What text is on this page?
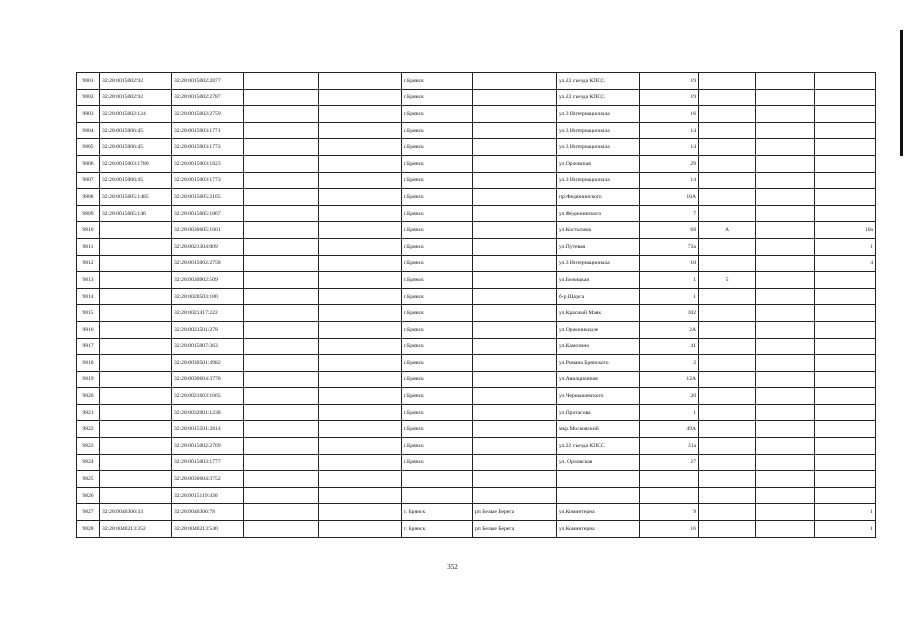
9801	32:28:0015002:92	32:28:0015002:2877			г.Брянск		ул.22 съезда КПСС	19			
9802	32:28:0015002:92	32:28:0015002:2787			г.Брянск		ул.22 съезда КПСС	19			
9803	32:28:0015002:124	32:28:0015002:2759			г.Брянск		ул.3 Интернационала	16			
9804	32:28:0015006:45	32:28:0015003:1771			г.Брянск		ул.3 Интернационала	14			
9805	32:28:0015006:45	32:28:0015003:1772			г.Брянск		ул.3 Интернационала	14			
9806	32:28:0015003:1780	32:28:0015003:1823			г.Брянск		ул.Орловская	29			
9807	32:28:0015006:45	32:28:0015003:1773			г.Брянск		ул.3 Интернационала	14			
9808	32:28:0015005:1485	32:28:0015005:2165			г.Брянск		пр.Федюнинского	10А			
9809	32:28:0015005:146	32:28:0015005:1867			г.Брянск		ул.Федюнинского	7			
9810		32:28:0030605:1601			г.Брянск		ул.Костычева	68	А		10а
9811		32:28:0021304:809			г.Брянск		ул.Путевая	72а			1
9812		32:28:0015002:2758			г.Брянск		ул.3 Интернационала	10			4
9813		32:28:0030902:509			г.Брянск		ул.Бежицкая	1	5		
9814		32:28:0020503:180			г.Брянск		б-р.Щорса	1			
9815		32:28:0021417:222			г.Брянск		ул.Красный Маяк	102			
9816		32:28:0023501:278			г.Брянск		ул.Оржоникидзе	2А			
9817		32:28:0015007:363			г.Брянск		ул.Камозина	41			
9818		32:28:0030501:4982			г.Брянск		ул.Романа Брянского	2			
9819		32:28:0030604:3778			г.Брянск		ул.Авиационная	12А			
9820		32:28:0021603:1665			г.Брянск		ул.Чернышевского	20			
9821		32:28:0032001:1238			г.Брянск		ул.Протасова	1			
9822		32:28:0015501:2814			г.Брянск		мкр.Московский	49А			
9823		32:28:0015002:2769			г.Брянск		ул.22 съезда КПСС	31а			
9824		32:28:0015003:1777			г.Брянск		ул. Орловская	27			
9825		32:28:0030604:3752									
9826		32:28:0015119:430									
9827	32:28:0040306:33	32:28:0040306:78			г. Брянск	рп Белые Берега	ул.Коминтерна	9			1
9828	32:28:0040213:352	32:28:0040213:540			г. Брянск	рп Белые Берега	ул.Коминтерна	16			1
352
